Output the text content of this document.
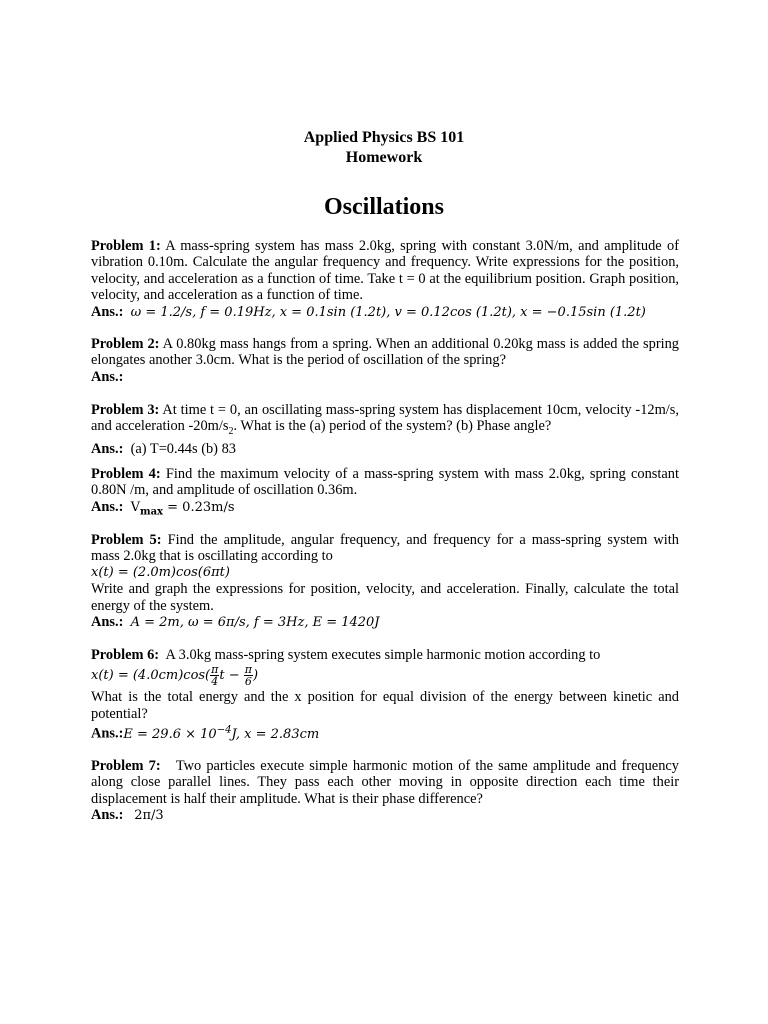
Applied Physics BS 101
Homework
Oscillations

Problem 1: A mass-spring system has mass 2.0kg, spring with constant 3.0N/m, and amplitude of vibration 0.10m. Calculate the angular frequency and frequency. Write expressions for the position, velocity, and acceleration as a function of time. Take t = 0 at the equilibrium position. Graph position, velocity, and acceleration as a function of time.

Ans.: ω = 1.2/s, f = 0.19Hz, x = 0.1sin (1.2t), v = 0.12cos (1.2t), x = −0.15sin (1.2t)

Problem 2: A 0.80kg mass hangs from a spring. When an additional 0.20kg mass is added the spring elongates another 3.0cm. What is the period of oscillation of the spring?

Ans.:

Problem 3: At time t = 0, an oscillating mass-spring system has displacement 10cm, velocity -12m/s, and acceleration $-20m/s_2$. What is the (a) period of the system? (b) Phase angle?

Ans.: (a) T=0.44s (b) 83

Problem 4: Find the maximum velocity of a mass-spring system with mass 2.0kg, spring constant 0.80N /m, and amplitude of oscillation 0.36m.

Ans.: $V_{max} = 0.23m/s$

Problem 5: Find the amplitude, angular frequency, and frequency for a mass-spring system with mass 2.0kg that is oscillating according to

x(t) = (2.0m)cos(6πt)

Write and graph the expressions for position, velocity, and acceleration. Finally, calculate the total energy of the system.

Ans.: A = 2m, ω = 6π/s, f = 3Hz, E = 1420J

Problem 6: A 3.0kg mass-spring system executes simple harmonic motion according to

$x(t) = (4.0cm)\cos( \frac{\pi}{4}$ $t - \frac{\pi}{6}$ )

What is the total energy and the x position for equal division of the energy between kinetic and potential?

Ans.:E = $29.6 \times 10^{-4}J$, x = 2.83cm

Problem 7: Two particles execute simple harmonic motion of the same amplitude and frequency along close parallel lines. They pass each other moving in opposite direction each time their displacement is half their amplitude. What is their phase difference?

Ans.: 2π/3
